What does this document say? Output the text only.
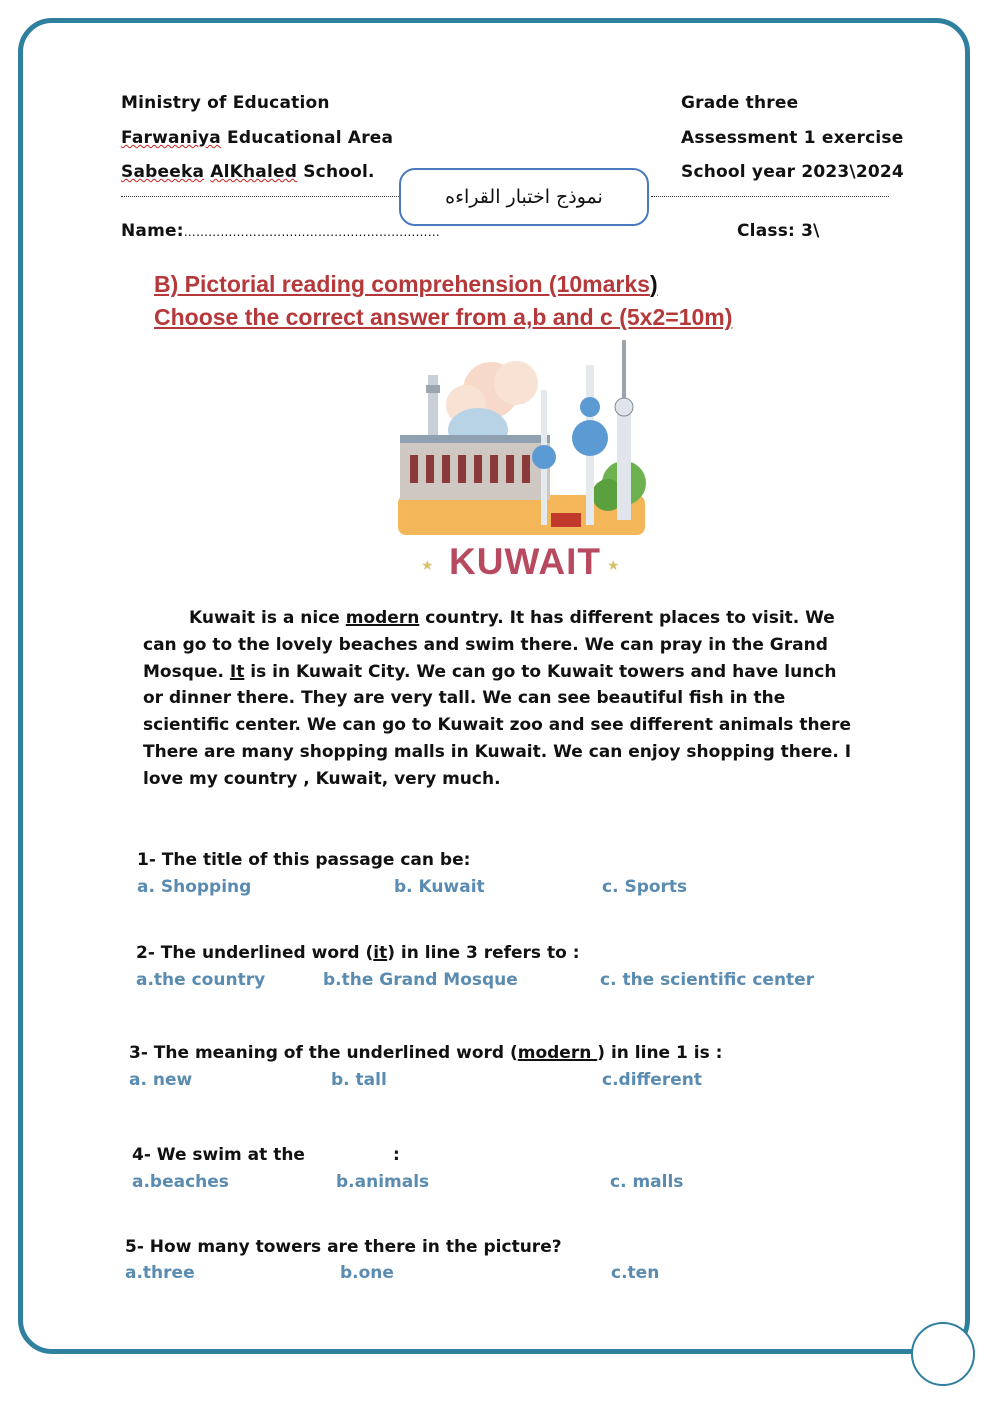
Ministry of Education
Farwaniya Educational Area
Sabeeka AlKhaled School.
Grade three
Assessment 1 exercise
School year 2023\2024
نموذج اختبار القراءه
Name:………………………………………………………	Class: 3\
B) Pictorial reading comprehension (10marks)
Choose the correct answer from a,b and c (5x2=10m)
KUWAIT
★	★
Kuwait is a nice modern country. It has different places to visit. We
can go to the lovely beaches and swim there. We can pray in the Grand
Mosque. It is in Kuwait City. We can go to Kuwait towers and have lunch
or dinner there. They are very tall. We can see beautiful fish in the
scientific center. We can go to Kuwait zoo and see different animals there
There are many shopping malls in Kuwait. We can enjoy shopping there. I
love my country , Kuwait, very much.
1- The title of this passage can be:
a. Shopping	b. Kuwait	c. Sports
2- The underlined word (it) in line 3 refers to :
a.the country	b.the Grand Mosque	c. the scientific center
3- The meaning of the underlined word (modern ) in line 1 is :
a. new	b. tall	c.different
4- We swim at the	:
a.beaches	b.animals	c. malls
5- How many towers are there in the picture?
a.three	b.one	c.ten
